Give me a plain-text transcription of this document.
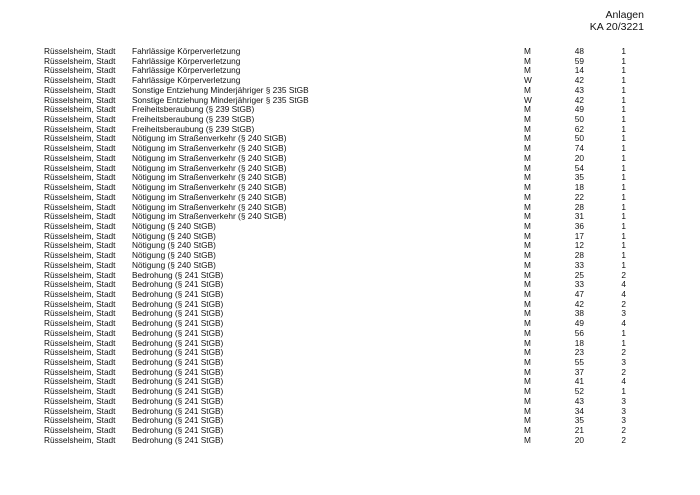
Anlagen
KA 20/3221
Rüsselsheim, Stadt Fahrlässige Körperverletzung	M	48	1
Rüsselsheim, Stadt Fahrlässige Körperverletzung	M	59	1
Rüsselsheim, Stadt Fahrlässige Körperverletzung	M	14	1
Rüsselsheim, Stadt Fahrlässige Körperverletzung	W	42	1
Rüsselsheim, Stadt Sonstige Entziehung Minderjähriger § 235 StGB	M	43	1
Rüsselsheim, Stadt Sonstige Entziehung Minderjähriger § 235 StGB	W	42	1
Rüsselsheim, Stadt Freiheitsberaubung (§ 239 StGB)	M	49	1
Rüsselsheim, Stadt Freiheitsberaubung (§ 239 StGB)	M	50	1
Rüsselsheim, Stadt Freiheitsberaubung (§ 239 StGB)	M	62	1
Rüsselsheim, Stadt Nötigung im Straßenverkehr (§ 240 StGB)	M	50	1
Rüsselsheim, Stadt Nötigung im Straßenverkehr (§ 240 StGB)	M	74	1
Rüsselsheim, Stadt Nötigung im Straßenverkehr (§ 240 StGB)	M	20	1
Rüsselsheim, Stadt Nötigung im Straßenverkehr (§ 240 StGB)	M	54	1
Rüsselsheim, Stadt Nötigung im Straßenverkehr (§ 240 StGB)	M	35	1
Rüsselsheim, Stadt Nötigung im Straßenverkehr (§ 240 StGB)	M	18	1
Rüsselsheim, Stadt Nötigung im Straßenverkehr (§ 240 StGB)	M	22	1
Rüsselsheim, Stadt Nötigung im Straßenverkehr (§ 240 StGB)	M	28	1
Rüsselsheim, Stadt Nötigung im Straßenverkehr (§ 240 StGB)	M	31	1
Rüsselsheim, Stadt Nötigung (§ 240 StGB)	M	36	1
Rüsselsheim, Stadt Nötigung (§ 240 StGB)	M	17	1
Rüsselsheim, Stadt Nötigung (§ 240 StGB)	M	12	1
Rüsselsheim, Stadt Nötigung (§ 240 StGB)	M	28	1
Rüsselsheim, Stadt Nötigung (§ 240 StGB)	M	33	1
Rüsselsheim, Stadt Bedrohung (§ 241 StGB)	M	25	2
Rüsselsheim, Stadt Bedrohung (§ 241 StGB)	M	33	4
Rüsselsheim, Stadt Bedrohung (§ 241 StGB)	M	47	4
Rüsselsheim, Stadt Bedrohung (§ 241 StGB)	M	42	2
Rüsselsheim, Stadt Bedrohung (§ 241 StGB)	M	38	3
Rüsselsheim, Stadt Bedrohung (§ 241 StGB)	M	49	4
Rüsselsheim, Stadt Bedrohung (§ 241 StGB)	M	56	1
Rüsselsheim, Stadt Bedrohung (§ 241 StGB)	M	18	1
Rüsselsheim, Stadt Bedrohung (§ 241 StGB)	M	23	2
Rüsselsheim, Stadt Bedrohung (§ 241 StGB)	M	55	3
Rüsselsheim, Stadt Bedrohung (§ 241 StGB)	M	37	2
Rüsselsheim, Stadt Bedrohung (§ 241 StGB)	M	41	4
Rüsselsheim, Stadt Bedrohung (§ 241 StGB)	M	52	1
Rüsselsheim, Stadt Bedrohung (§ 241 StGB)	M	43	3
Rüsselsheim, Stadt Bedrohung (§ 241 StGB)	M	34	3
Rüsselsheim, Stadt Bedrohung (§ 241 StGB)	M	35	3
Rüsselsheim, Stadt Bedrohung (§ 241 StGB)	M	21	2
Rüsselsheim, Stadt Bedrohung (§ 241 StGB)	M	20	2
